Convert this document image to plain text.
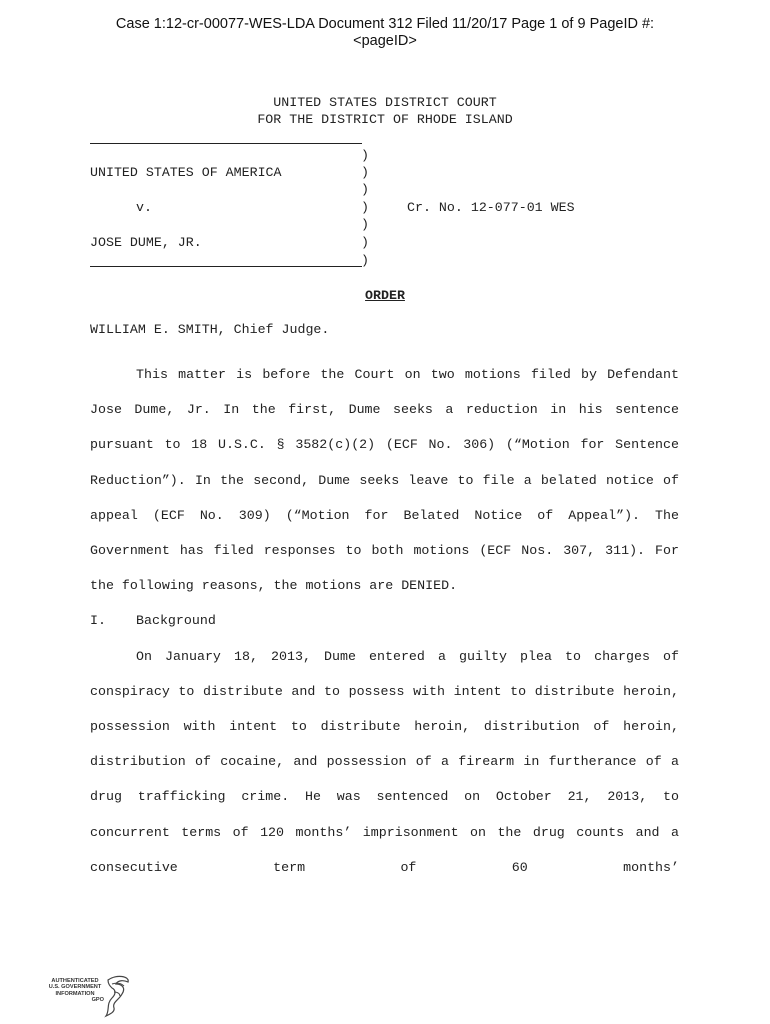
Case 1:12-cr-00077-WES-LDA Document 312 Filed 11/20/17 Page 1 of 9 PageID #:
<pageID>
UNITED STATES DISTRICT COURT
FOR THE DISTRICT OF RHODE ISLAND
UNITED STATES OF AMERICA
v.
JOSE DUME, JR.
Cr. No. 12-077-01 WES
)
)
)
)
)
)
)
ORDER
WILLIAM E. SMITH, Chief Judge.

This matter is before the Court on two motions filed by Defendant Jose Dume, Jr. In the first, Dume seeks a reduction in his sentence pursuant to 18 U.S.C. § 3582(c)(2) (ECF No. 306) (“Motion for Sentence Reduction”). In the second, Dume seeks leave to file a belated notice of appeal (ECF No. 309) (“Motion for Belated Notice of Appeal”). The Government has filed responses to both motions (ECF Nos. 307, 311). For the following reasons, the motions are DENIED.

I. Background

On January 18, 2013, Dume entered a guilty plea to charges of conspiracy to distribute and to possess with intent to distribute heroin, possession with intent to distribute heroin, distribution of heroin, distribution of cocaine, and possession of a firearm in furtherance of a drug trafficking crime. He was sentenced on October 21, 2013, to concurrent terms of 120 months’ imprisonment on the drug counts and a consecutive term of 60 months’

AUTHENTICATED
U.S. GOVERNMENT
INFORMATION
GPO
